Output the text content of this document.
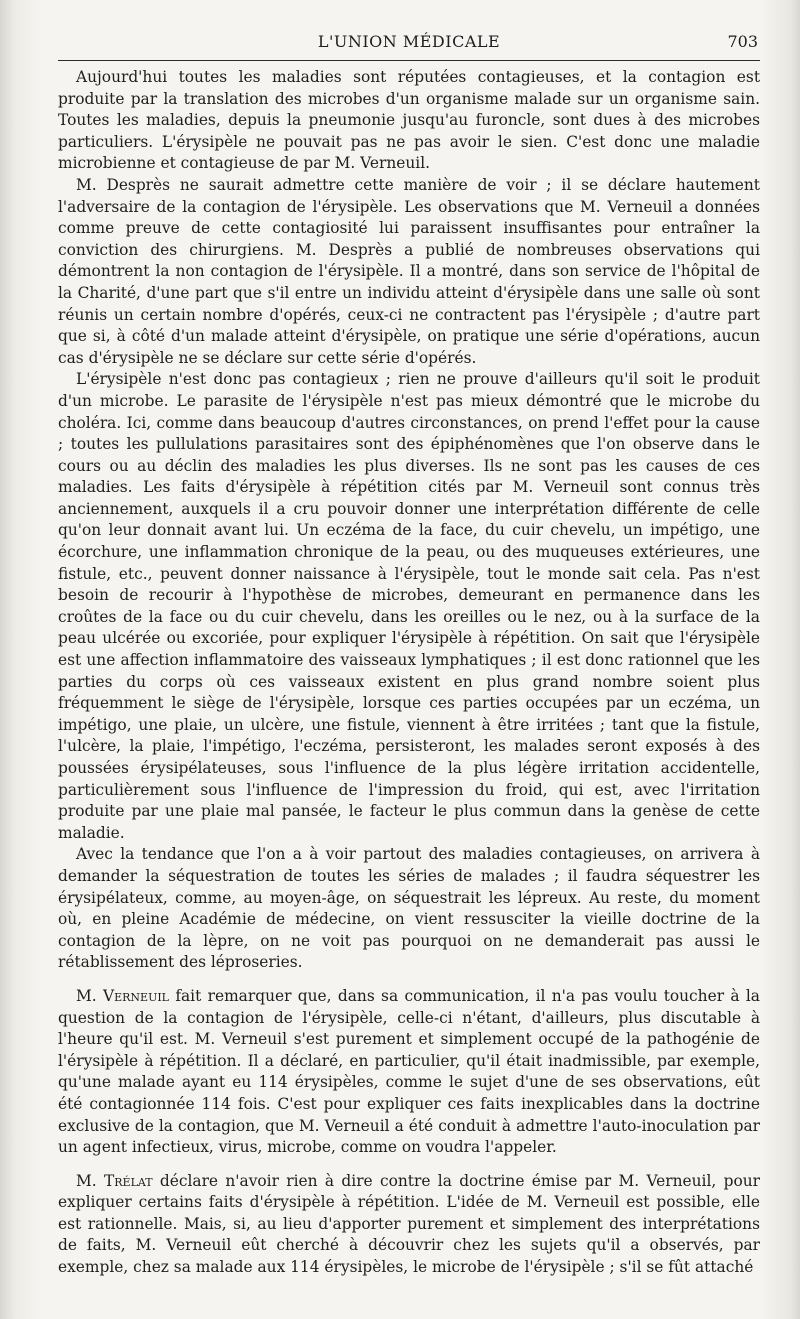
L'UNION MÉDICALE	703

Aujourd'hui toutes les maladies sont réputées contagieuses, et la contagion est produite par la translation des microbes d'un organisme malade sur un organisme sain. Toutes les maladies, depuis la pneumonie jusqu'au furoncle, sont dues à des microbes particuliers. L'érysipèle ne pouvait pas ne pas avoir le sien. C'est donc une maladie microbienne et contagieuse de par M. Verneuil.

M. Desprès ne saurait admettre cette manière de voir ; il se déclare hautement l'adversaire de la contagion de l'érysipèle. Les observations que M. Verneuil a données comme preuve de cette contagiosité lui paraissent insuffisantes pour entraîner la conviction des chirurgiens. M. Desprès a publié de nombreuses observations qui démontrent la non contagion de l'érysipèle. Il a montré, dans son service de l'hôpital de la Charité, d'une part que s'il entre un individu atteint d'érysipèle dans une salle où sont réunis un certain nombre d'opérés, ceux-ci ne contractent pas l'érysipèle ; d'autre part que si, à côté d'un malade atteint d'érysipèle, on pratique une série d'opérations, aucun cas d'érysipèle ne se déclare sur cette série d'opérés.

L'érysipèle n'est donc pas contagieux ; rien ne prouve d'ailleurs qu'il soit le produit d'un microbe. Le parasite de l'érysipèle n'est pas mieux démontré que le microbe du choléra. Ici, comme dans beaucoup d'autres circonstances, on prend l'effet pour la cause ; toutes les pullulations parasitaires sont des épiphénomènes que l'on observe dans le cours ou au déclin des maladies les plus diverses. Ils ne sont pas les causes de ces maladies. Les faits d'érysipèle à répétition cités par M. Verneuil sont connus très anciennement, auxquels il a cru pouvoir donner une interprétation différente de celle qu'on leur donnait avant lui. Un eczéma de la face, du cuir chevelu, un impétigo, une écorchure, une inflammation chronique de la peau, ou des muqueuses extérieures, une fistule, etc., peuvent donner naissance à l'érysipèle, tout le monde sait cela. Pas n'est besoin de recourir à l'hypothèse de microbes, demeurant en permanence dans les croûtes de la face ou du cuir chevelu, dans les oreilles ou le nez, ou à la surface de la peau ulcérée ou excoriée, pour expliquer l'érysipèle à répétition. On sait que l'érysipèle est une affection inflammatoire des vaisseaux lymphatiques ; il est donc rationnel que les parties du corps où ces vaisseaux existent en plus grand nombre soient plus fréquemment le siège de l'érysipèle, lorsque ces parties occupées par un eczéma, un impétigo, une plaie, un ulcère, une fistule, viennent à être irritées ; tant que la fistule, l'ulcère, la plaie, l'impétigo, l'eczéma, persisteront, les malades seront exposés à des poussées érysipélateuses, sous l'influence de la plus légère irritation accidentelle, particulièrement sous l'influence de l'impression du froid, qui est, avec l'irritation produite par une plaie mal pansée, le facteur le plus commun dans la genèse de cette maladie.

Avec la tendance que l'on a à voir partout des maladies contagieuses, on arrivera à demander la séquestration de toutes les séries de malades ; il faudra séquestrer les érysipélateux, comme, au moyen-âge, on séquestrait les lépreux. Au reste, du moment où, en pleine Académie de médecine, on vient ressusciter la vieille doctrine de la contagion de la lèpre, on ne voit pas pourquoi on ne demanderait pas aussi le rétablissement des léproseries.

M. Verneuil fait remarquer que, dans sa communication, il n'a pas voulu toucher à la question de la contagion de l'érysipèle, celle-ci n'étant, d'ailleurs, plus discutable à l'heure qu'il est. M. Verneuil s'est purement et simplement occupé de la pathogénie de l'érysipèle à répétition. Il a déclaré, en particulier, qu'il était inadmissible, par exemple, qu'une malade ayant eu 114 érysipèles, comme le sujet d'une de ses observations, eût été contagionnée 114 fois. C'est pour expliquer ces faits inexplicables dans la doctrine exclusive de la contagion, que M. Verneuil a été conduit à admettre l'auto-inoculation par un agent infectieux, virus, microbe, comme on voudra l'appeler.

M. Trélat déclare n'avoir rien à dire contre la doctrine émise par M. Verneuil, pour expliquer certains faits d'érysipèle à répétition. L'idée de M. Verneuil est possible, elle est rationnelle. Mais, si, au lieu d'apporter purement et simplement des interprétations de faits, M. Verneuil eût cherché à découvrir chez les sujets qu'il a observés, par exemple, chez sa malade aux 114 érysipèles, le microbe de l'érysipèle ; s'il se fût attaché
